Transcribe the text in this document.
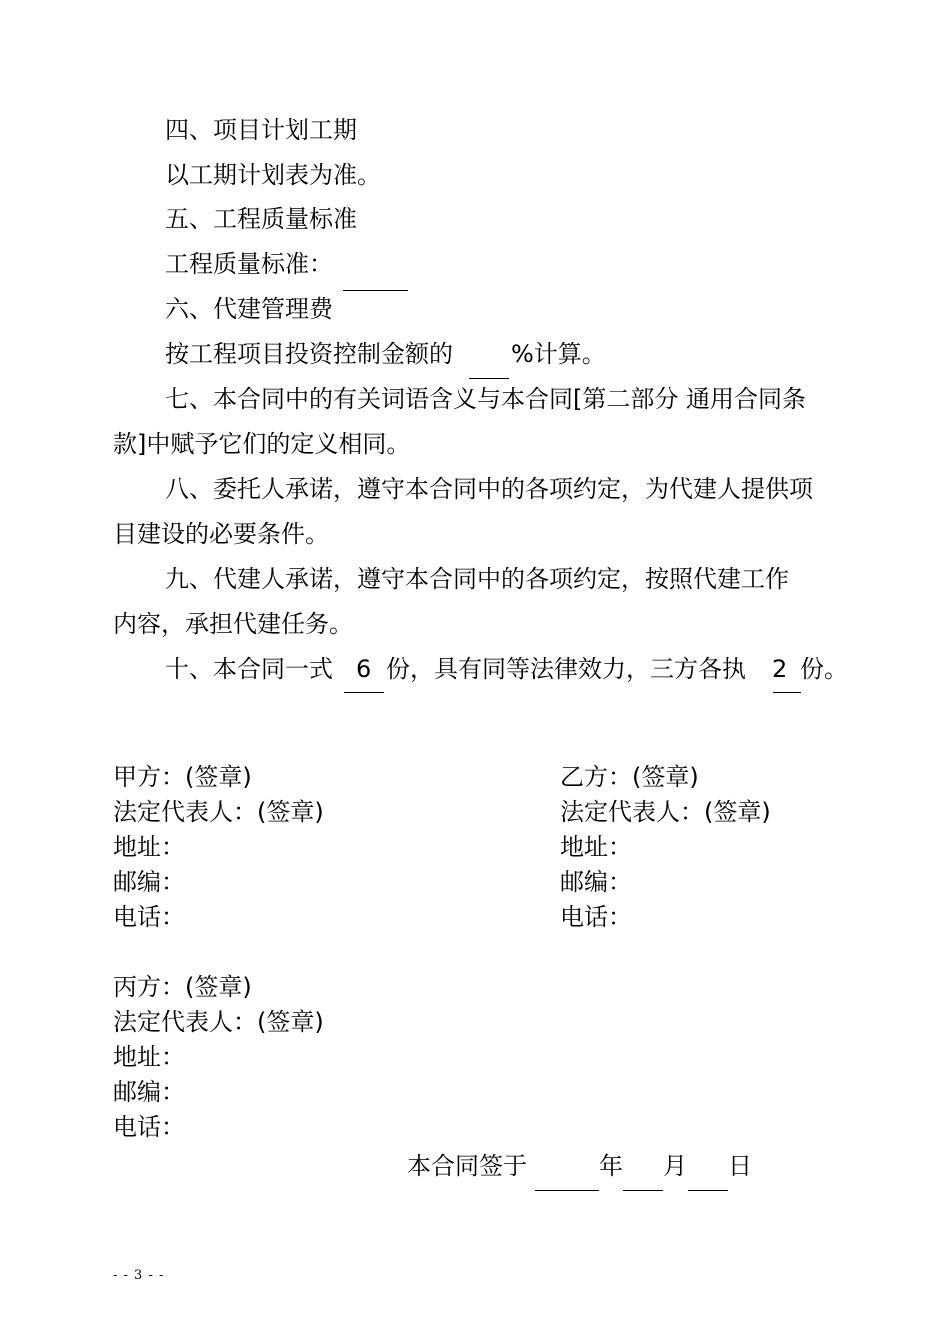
四、项目计划工期
以工期计划表为准。
五、工程质量标准
工程质量标准：
六、代建管理费
按工程项目投资控制金额的 %计算。
七、本合同中的有关词语含义与本合同[第二部分 通用合同条
款]中赋予它们的定义相同。
八、委托人承诺，遵守本合同中的各项约定，为代建人提供项
目建设的必要条件。
九、代建人承诺，遵守本合同中的各项约定，按照代建工作
内容，承担代建任务。
十、本合同一式 6 份，具有同等法律效力，三方各执 2 份。
甲方：(签章)
法定代表人：(签章)
地址：
邮编：
电话：
乙方：(签章)
法定代表人：(签章)
地址：
邮编：
电话：
丙方：(签章)
法定代表人：(签章)
地址：
邮编：
电话：
本合同签于	年 月 日
- - 3 - -
